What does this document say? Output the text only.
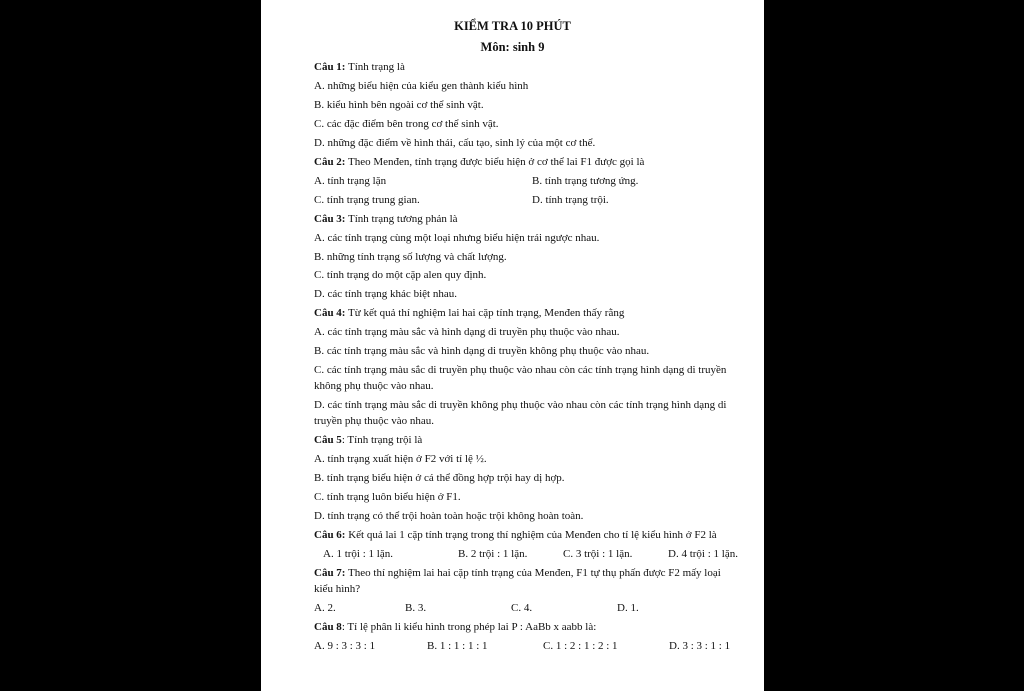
KIỂM TRA 10 PHÚT
Môn: sinh 9
Câu 1: Tính trạng là
A. những biểu hiện của kiểu gen thành kiểu hình
B. kiểu hình bên ngoài cơ thể sinh vật.
C. các đặc điểm bên trong cơ thể sinh vật.
D. những đặc điểm về hình thái, cấu tạo, sinh lý của một cơ thể.
Câu 2: Theo Menđen, tính trạng được biểu hiện ở cơ thể lai F1 được gọi là
A. tính trạng lặn	B. tính trạng tương ứng.
C. tính trạng trung gian.	D. tính trạng trội.
Câu 3: Tính trạng tương phản là
A. các tính trạng cùng một loại nhưng biểu hiện trái ngược nhau.
B. những tính trạng số lượng và chất lượng.
C. tính trạng do một cặp alen quy định.
D. các tính trạng khác biệt nhau.
Câu 4: Từ kết quả thí nghiệm lai hai cặp tính trạng, Menđen thấy rằng
A. các tính trạng màu sắc và hình dạng di truyền phụ thuộc vào nhau.
B. các tính trạng màu sắc và hình dạng di truyền không phụ thuộc vào nhau.
C. các tính trạng màu sắc di truyền phụ thuộc vào nhau còn các tính trạng hình dạng di truyền
không phụ thuộc vào nhau.
D. các tính trạng màu sắc di truyền không phụ thuộc vào nhau còn các tính trạng hình dạng di
truyền phụ thuộc vào nhau.
Câu 5: Tính trạng trội là
A. tính trạng xuất hiện ở F2 với tỉ lệ ½.
B. tính trạng biểu hiện ở cá thể đồng hợp trội hay dị hợp.
C. tính trạng luôn biểu hiện ở F1.
D. tính trạng có thể trội hoàn toàn hoặc trội không hoàn toàn.
Câu 6: Kết quả lai 1 cặp tính trạng trong thí nghiệm của Menđen cho tỉ lệ kiểu hình ở F2 là
A. 1 trội : 1 lặn.	B. 2 trội : 1 lặn.	C. 3 trội : 1 lặn.	D. 4 trội : 1 lặn.
Câu 7: Theo thí nghiệm lai hai cặp tính trạng của Menđen, F1 tự thụ phấn được F2 mấy loại
kiểu hình?
A. 2.	B. 3.	C. 4.	D. 1.
Câu 8: Tỉ lệ phân li kiểu hình trong phép lai P : AaBb x aabb là:
A. 9 : 3 : 3 : 1	B. 1 : 1 : 1 : 1	C. 1 : 2 : 1 : 2 : 1	D. 3 : 3 : 1 : 1
